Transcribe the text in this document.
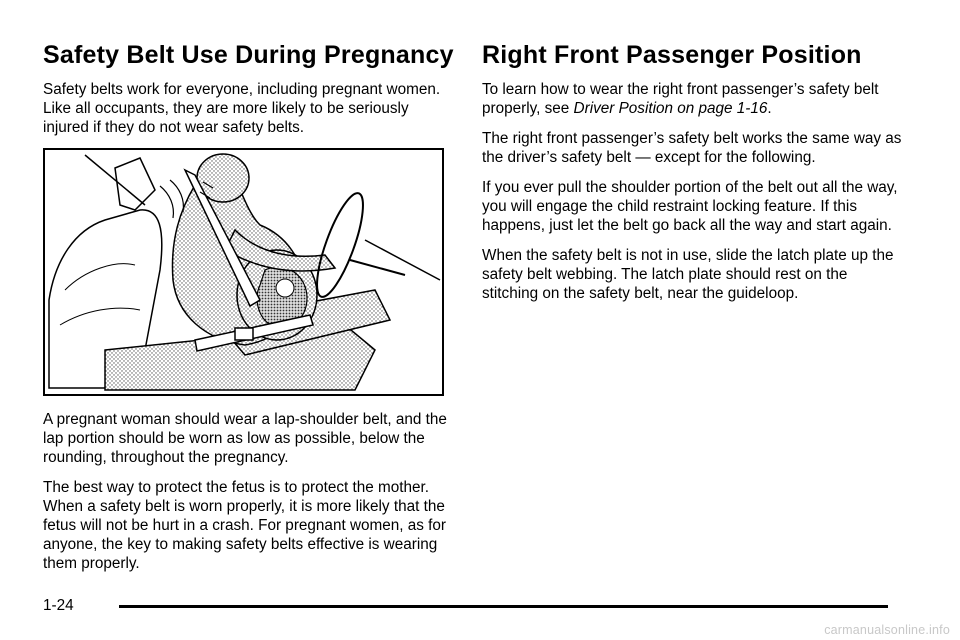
Safety Belt Use During Pregnancy

Safety belts work for everyone, including pregnant women. Like all occupants, they are more likely to be seriously injured if they do not wear safety belts.

A pregnant woman should wear a lap-shoulder belt, and the lap portion should be worn as low as possible, below the rounding, throughout the pregnancy.

The best way to protect the fetus is to protect the mother. When a safety belt is worn properly, it is more likely that the fetus will not be hurt in a crash. For pregnant women, as for anyone, the key to making safety belts effective is wearing them properly.

Right Front Passenger Position

To learn how to wear the right front passenger’s safety belt properly, see Driver Position on page 1-16.

The right front passenger’s safety belt works the same way as the driver’s safety belt — except for the following.

If you ever pull the shoulder portion of the belt out all the way, you will engage the child restraint locking feature. If this happens, just let the belt go back all the way and start again.

When the safety belt is not in use, slide the latch plate up the safety belt webbing. The latch plate should rest on the stitching on the safety belt, near the guideloop.

1-24
carmanualsonline.info
